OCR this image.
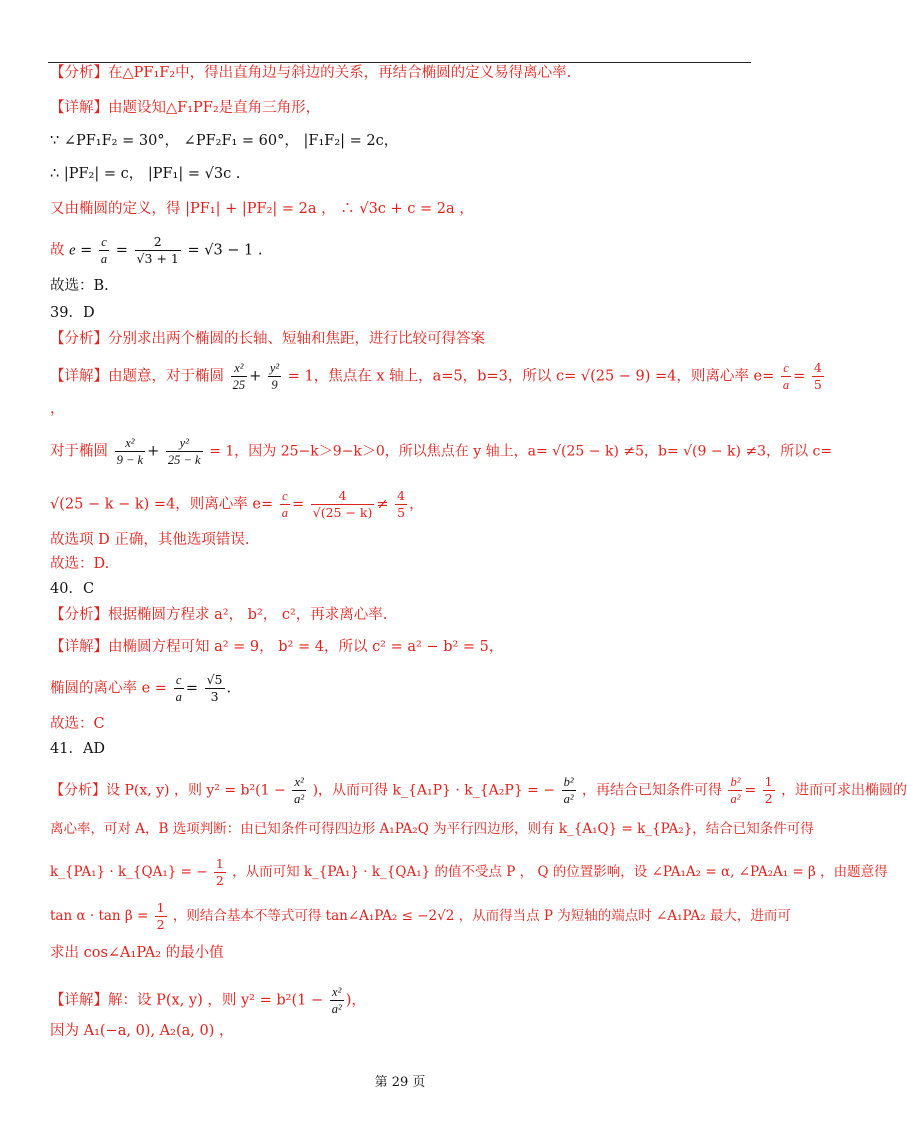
【分析】在△PF₁F₂中，得出直角边与斜边的关系，再结合椭圆的定义易得离心率.
【详解】由题设知△F₁PF₂是直角三角形，
∵ ∠PF₁F₂ = 30°， ∠PF₂F₁ = 60°， |F₁F₂| = 2c，
∴ |PF₂| = c， |PF₁| = √3c .
又由椭圆的定义，得 |PF₁| + |PF₂| = 2a ， ∴ √3c + c = 2a ，
故 $e = \frac{c}{a} = \frac{2}{√3 + 1} = √3 - 1$ .
故选：B.
39．D
【分析】分别求出两个椭圆的长轴、短轴和焦距，进行比较可得答案
【详解】由题意，对于椭圆 $\frac{\text{x²}}{25} + \frac{\text{y²}}{9} = 1$，焦点在 x 轴上，a=5，b=3，所以 c= √(25 − 9) =4，则离心率 $e= \frac{c}{a} = \frac{4}{5}$
，
对于椭圆 $\frac{\text{x²}}{9 - k} + \frac{\text{y²}}{25 - k} = 1$，因为 25−k＞9−k＞0，所以焦点在 y 轴上，a= √(25 − k) ≠5，b= √(9 − k) ≠3，所以 c=
√(25 − k − k) =4，则离心率 $e= \frac{c}{a} = \frac{4}{√(25 - k)} \ne \frac{4}{5}$ ，
故选项 D 正确，其他选项错误.
故选：D.
40．C
【分析】根据椭圆方程求 a²， b²， c²，再求离心率.
【详解】由椭圆方程可知 a² = 9， b² = 4，所以 c² = a² − b² = 5，
椭圆的离心率 $e = \frac{c}{a} = \frac{√5}{3}$ .
故选：C
41．AD
【分析】设 P(x, y) ，则 $y^2 = b^2(1 - \frac{\text{x²}}{\text{a²}}$ )，从而可得 k_{A₁P} · k_{A₂P} = − $\frac{\text{b²}}{\text{a²}}$ ，再结合已知条件可得 $\frac{\text{b²}}{\text{a²}} = \frac{1}{2}$ ，进而可求出椭圆的
离心率，可对 A，B 选项判断：由已知条件可得四边形 A₁PA₂Q 为平行四边形，则有 k_{A₁Q} = k_{PA₂}，结合已知条件可得
k_{PA₁} · k_{QA₁} = − $\frac{1}{2}$ ，从而可知 k_{PA₁} · k_{QA₁} 的值不受点 P ， Q 的位置影响，设 ∠PA₁A₂ = α, ∠PA₂A₁ = β ，由题意得
$\tan \alpha \cdot \tan \beta = \frac{1}{2}$ ，则结合基本不等式可得 tan∠A₁PA₂ ≤ −2√2 ，从而得当点 P 为短轴的端点时 ∠A₁PA₂ 最大，进而可
求出 cos∠A₁PA₂ 的最小值
【详解】解：设 P(x, y) ，则 $y^2 = b^2(1 - \frac{\text{x²}}{\text{a²}}$ )，
因为 A₁(−a, 0), A₂(a, 0) ，
第 29 页
